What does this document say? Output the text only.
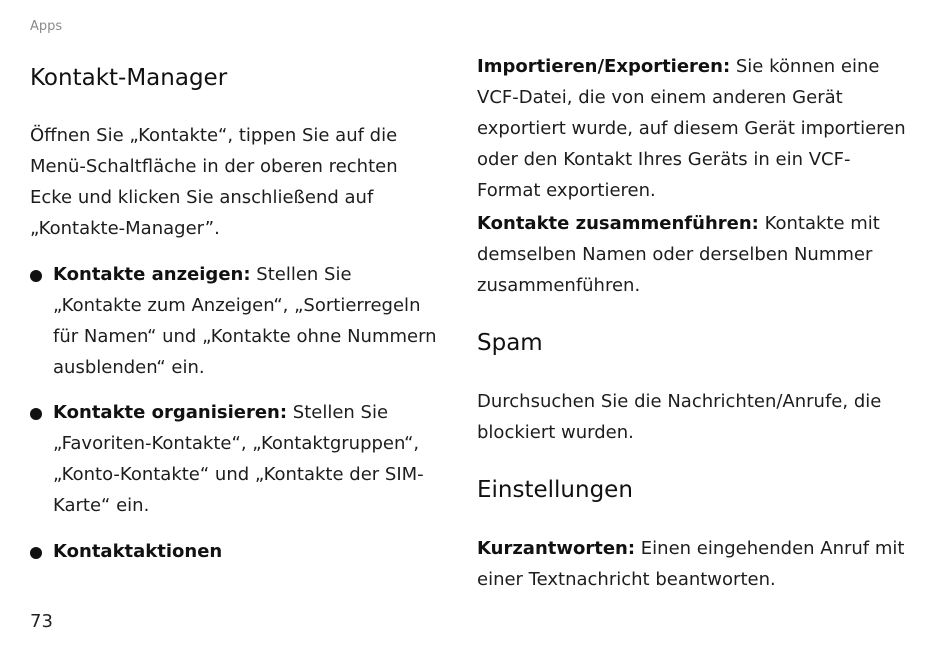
Apps
Kontakt-Manager

Öffnen Sie „Kontakte“, tippen Sie auf die Menü-Schaltfläche in der oberen rechten Ecke und klicken Sie anschließend auf „Kontakte-Manager”.

Kontakte anzeigen: Stellen Sie „Kontakte zum Anzeigen“, „Sortierregeln für Namen“ und „Kontakte ohne Nummern ausblenden“ ein.
Kontakte organisieren: Stellen Sie „Favoriten-Kontakte“, „Kontaktgruppen“, „Konto-Kontakte“ und „Kontakte der SIM-Karte“ ein.
Kontaktaktionen

Importieren/Exportieren: Sie können eine VCF-Datei, die von einem anderen Gerät exportiert wurde, auf diesem Gerät importieren oder den Kontakt Ihres Geräts in ein VCF-Format exportieren.

Kontakte zusammenführen: Kontakte mit demselben Namen oder derselben Nummer zusammenführen.

Spam

Durchsuchen Sie die Nachrichten/Anrufe, die blockiert wurden.

Einstellungen

Kurzantworten: Einen eingehenden Anruf mit einer Textnachricht beantworten.

73
